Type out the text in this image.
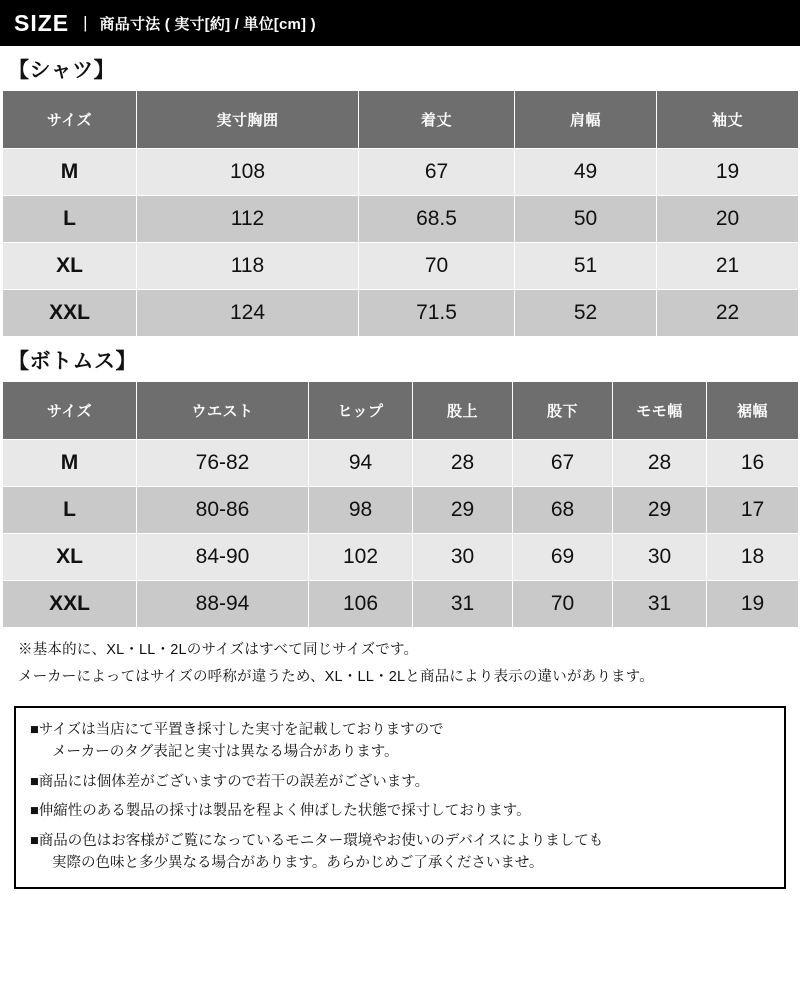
SIZE | 商品寸法 ( 実寸[約] / 単位[cm] )
【シャツ】
サイズ	実寸胸囲	着丈	肩幅	袖丈
M	108	67	49	19
L	112	68.5	50	20
XL	118	70	51	21
XXL	124	71.5	52	22
【ボトムス】
サイズ	ウエスト	ヒップ	股上	股下	モモ幅	裾幅
M	76-82	94	28	67	28	16
L	80-86	98	29	68	29	17
XL	84-90	102	30	69	30	18
XXL	88-94	106	31	70	31	19

※基本的に、XL・LL・2Lのサイズはすべて同じサイズです。

メーカーによってはサイズの呼称が違うため、XL・LL・2Lと商品により表示の違いがあります。

■サイズは当店にて平置き採寸した実寸を記載しておりますので
メーカーのタグ表記と実寸は異なる場合があります。

■商品には個体差がございますので若干の誤差がございます。

■伸縮性のある製品の採寸は製品を程よく伸ばした状態で採寸しております。

■商品の色はお客様がご覧になっているモニター環境やお使いのデバイスによりましても
実際の色味と多少異なる場合があります。あらかじめご了承くださいませ。
